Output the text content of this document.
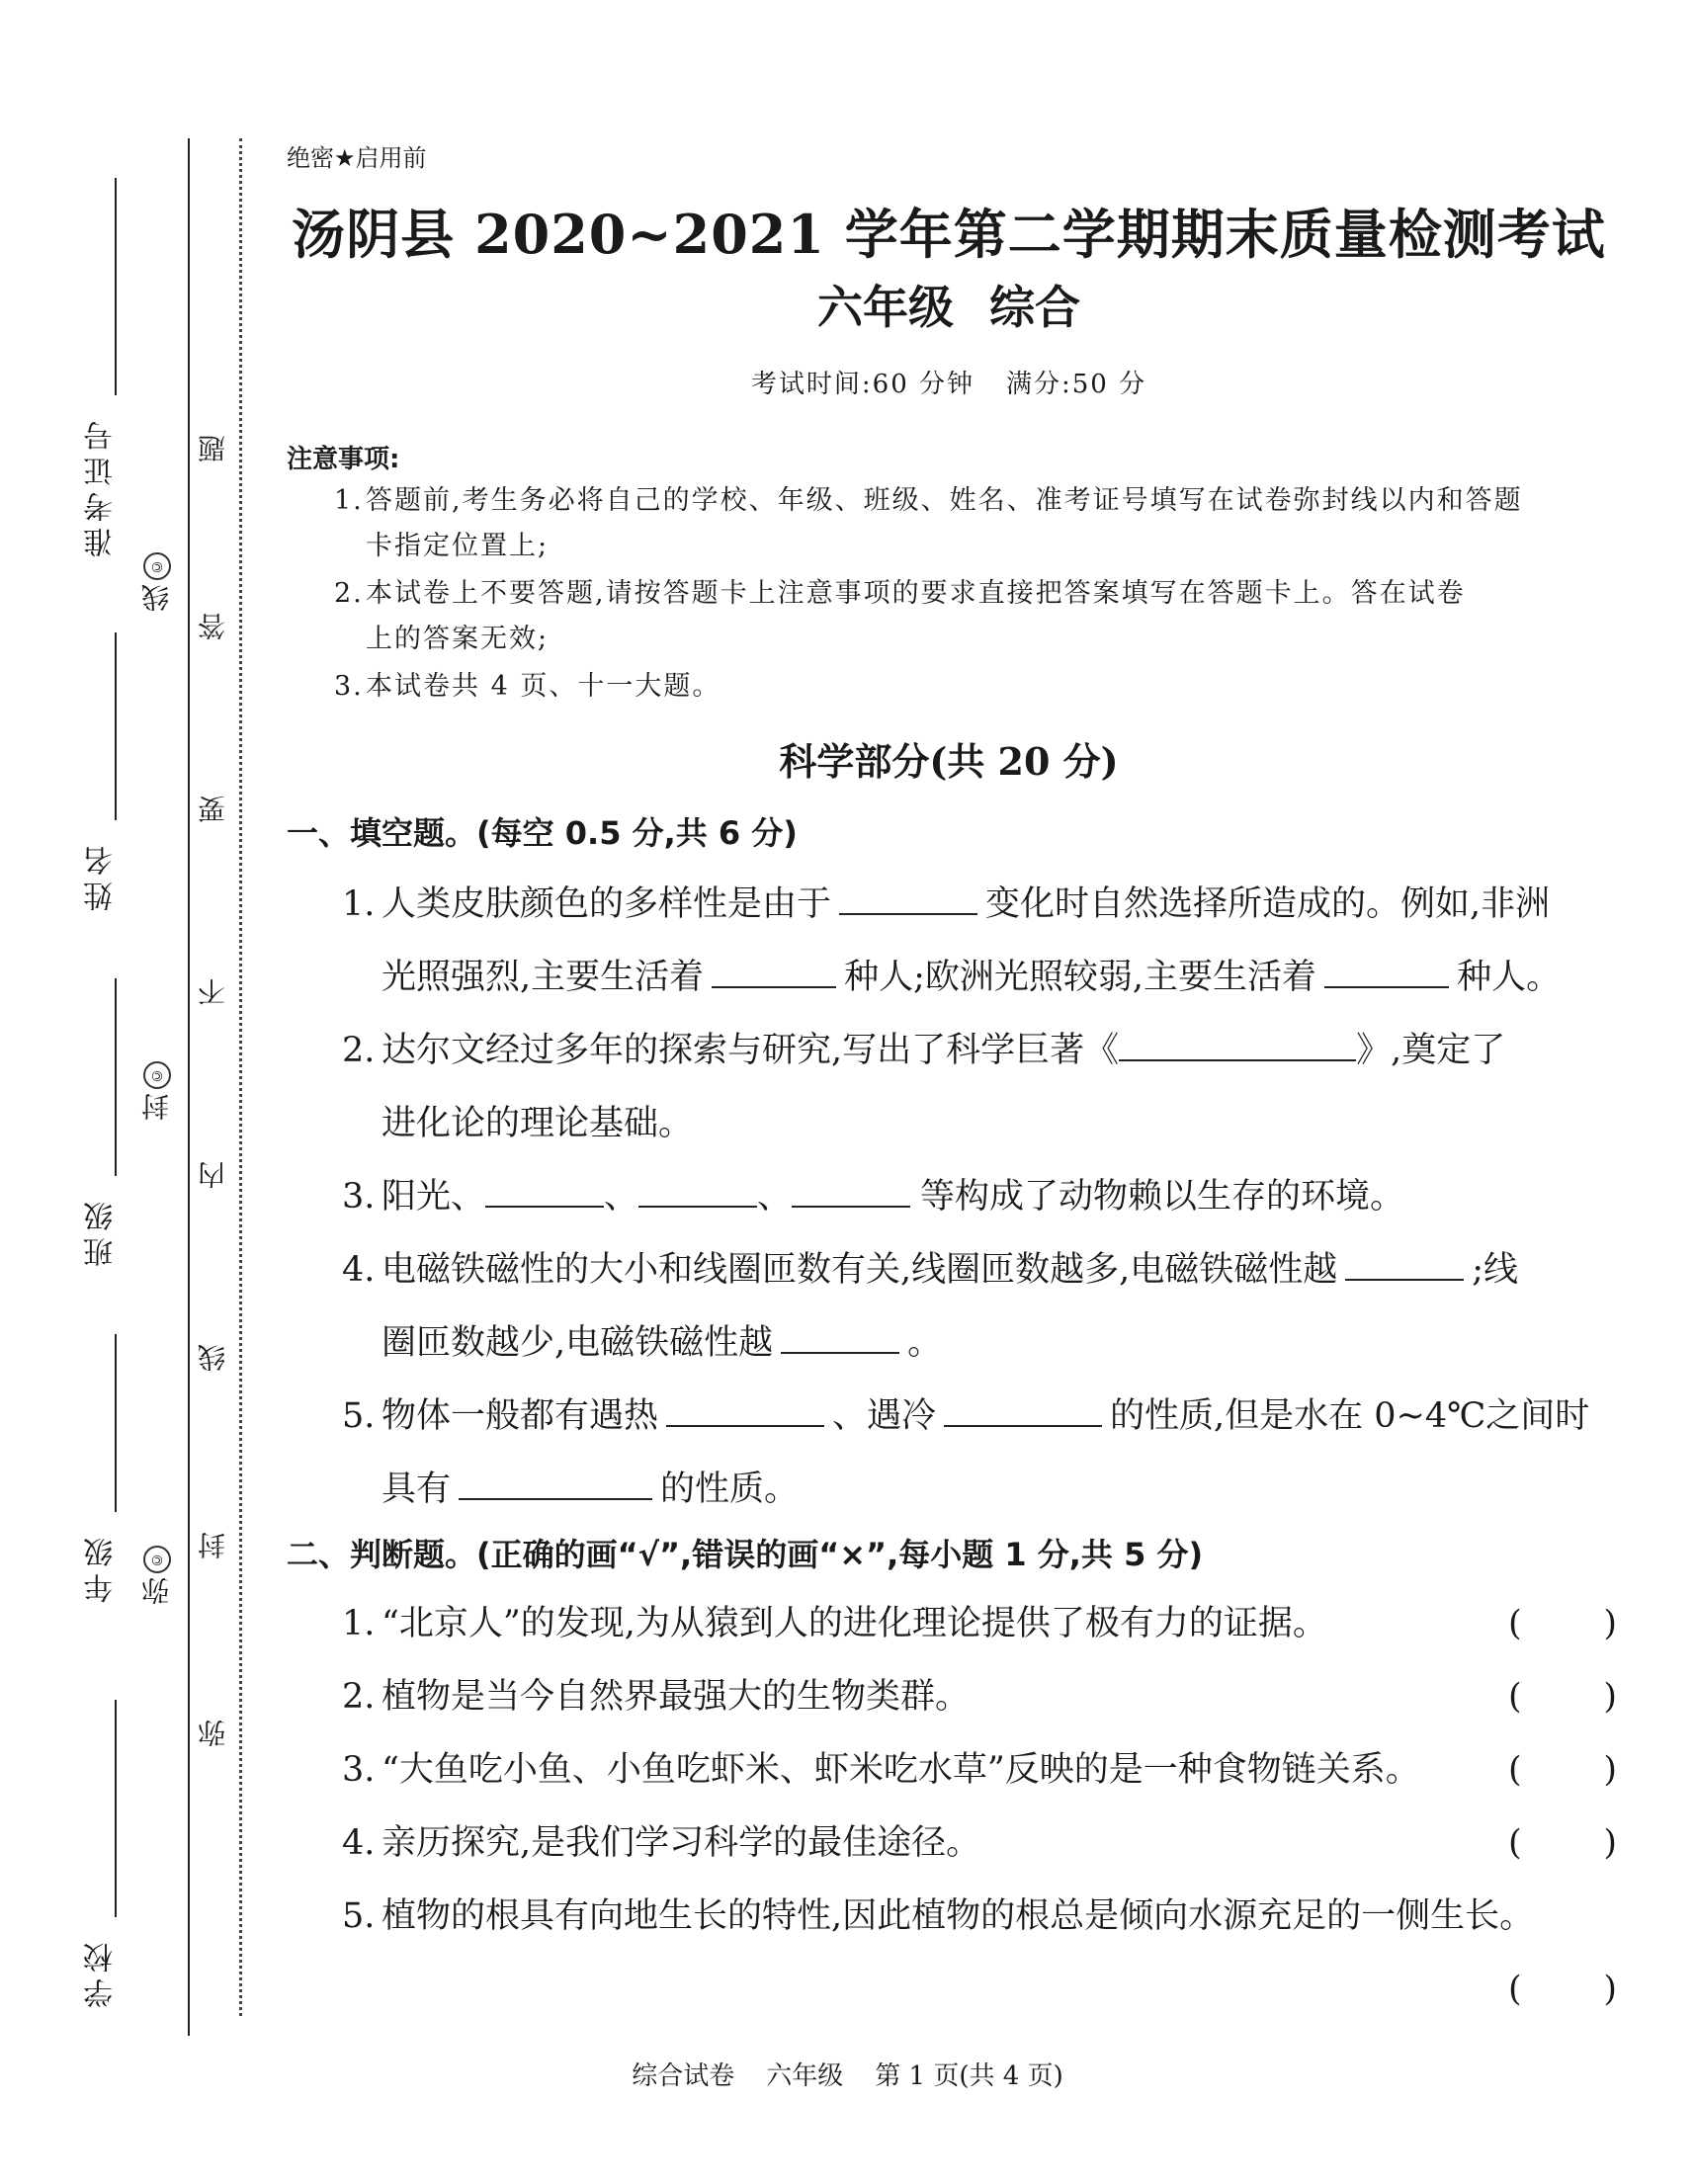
准考证号
姓名
班级
年级
学校
线
©
封
©
弥
©
题
答
要
不
内
线
封
弥
绝密★启用前
汤阴县 2020~2021 学年第二学期期末质量检测考试
六年级 综合
考试时间:60 分钟 满分:50 分
注意事项:
1.答题前,考生务必将自己的学校、年级、班级、姓名、准考证号填写在试卷弥封线以内和答题
卡指定位置上;
2.本试卷上不要答题,请按答题卡上注意事项的要求直接把答案填写在答题卡上。答在试卷
上的答案无效;
3.本试卷共 4 页、十一大题。
科学部分(共 20 分)
一、填空题。(每空 0.5 分,共 6 分)
1. 人类皮肤颜色的多样性是由于	变化时自然选择所造成的。例如,非洲
光照强烈,主要生活着	种人;欧洲光照较弱,主要生活着	种人。
2. 达尔文经过多年的探索与研究,写出了科学巨著《	》,奠定了
进化论的理论基础。
3. 阳光、	、	、	等构成了动物赖以生存的环境。
4. 电磁铁磁性的大小和线圈匝数有关,线圈匝数越多,电磁铁磁性越	;线
圈匝数越少,电磁铁磁性越	。
5. 物体一般都有遇热	、遇冷	的性质,但是水在 0~4℃之间时
具有	的性质。
二、判断题。(正确的画“√”,错误的画“×”,每小题 1 分,共 5 分)
1. “北京人”的发现,为从猿到人的进化理论提供了极有力的证据。	( )
2. 植物是当今自然界最强大的生物类群。	( )
3. “大鱼吃小鱼、小鱼吃虾米、虾米吃水草”反映的是一种食物链关系。	( )
4. 亲历探究,是我们学习科学的最佳途径。	( )
5. 植物的根具有向地生长的特性,因此植物的根总是倾向水源充足的一侧生长。
( )
综合试卷 六年级 第 1 页(共 4 页)
